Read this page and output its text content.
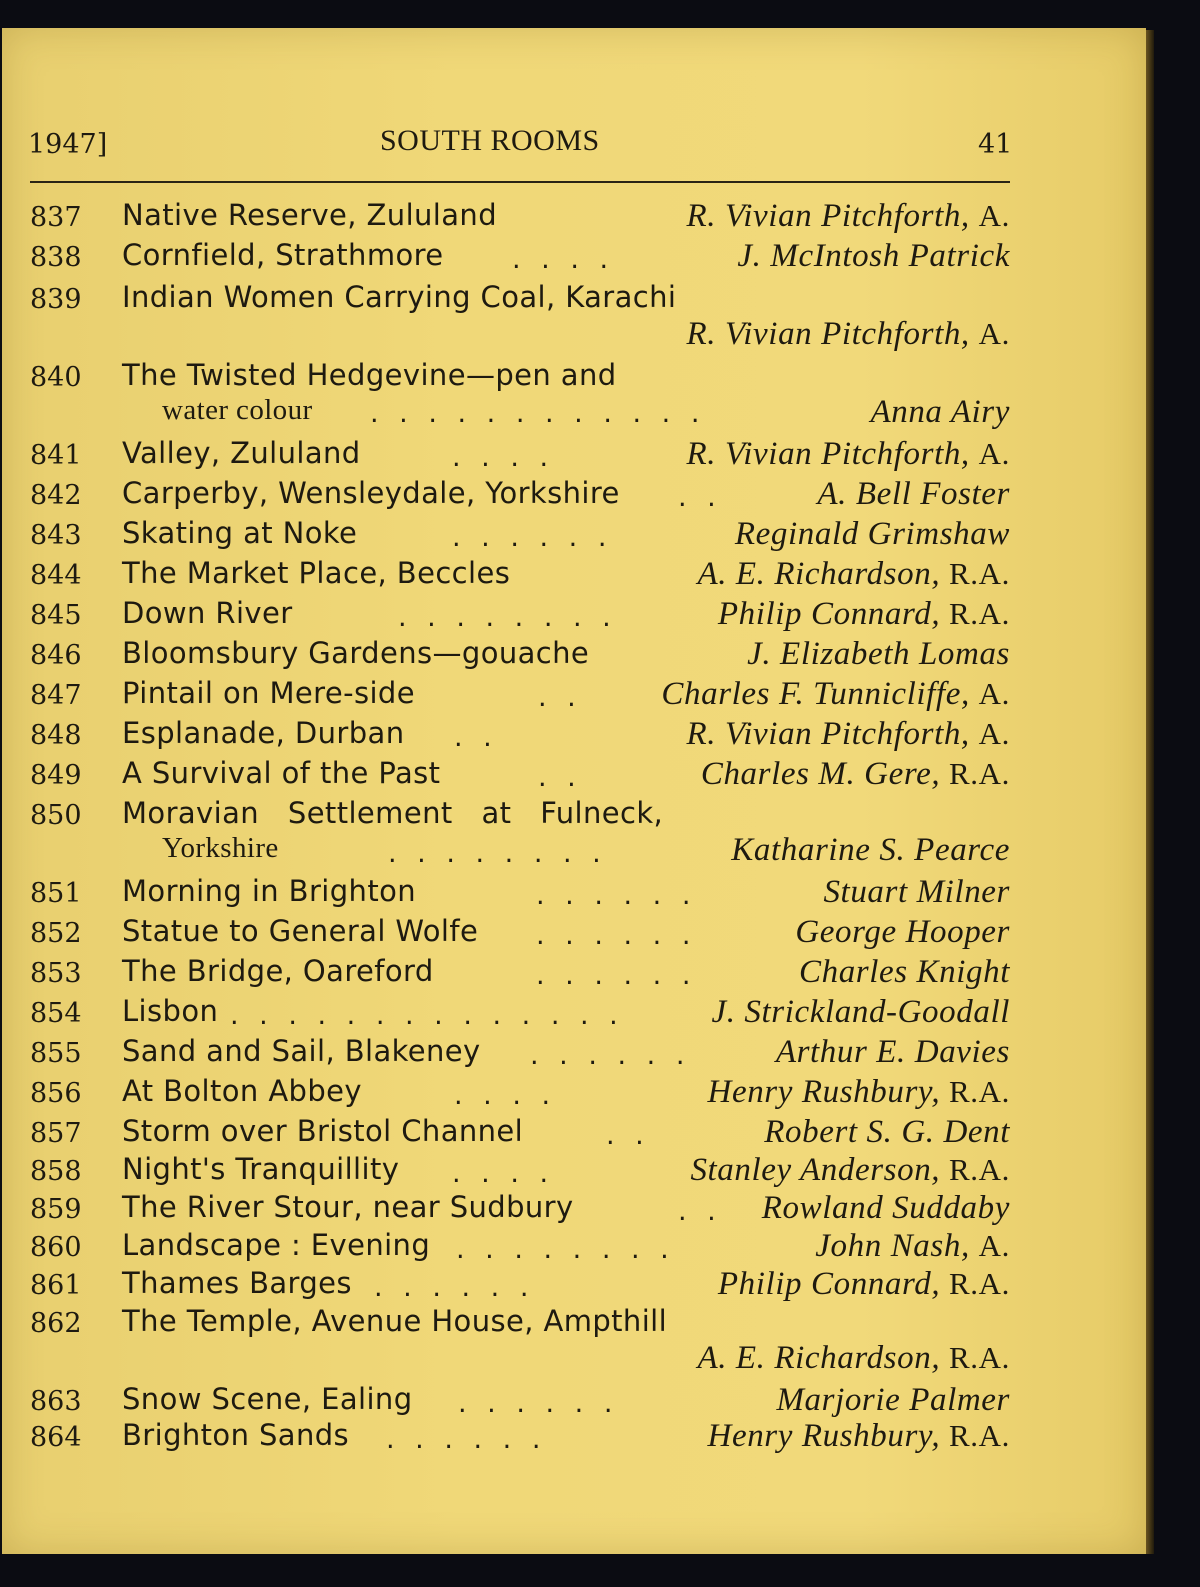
1947]	SOUTH ROOMS	41
837 Native Reserve, Zululand	R. Vivian Pitchforth, A.
838 Cornfield, Strathmore	. . . .	J. McIntosh Patrick
839 Indian Women Carrying Coal, Karachi
R. Vivian Pitchforth, A.
840 The Twisted Hedgevine—pen and
water colour . . . . . . . . . . . .	Anna Airy
841 Valley, Zululand	. . . .	R. Vivian Pitchforth, A.
842 Carperby, Wensleydale, Yorkshire . .	A. Bell Foster
843 Skating at Noke	. . . . . .	Reginald Grimshaw
844 The Market Place, Beccles	A. E. Richardson, R.A.
845 Down River	. . . . . . . .	Philip Connard, R.A.
846 Bloomsbury Gardens—gouache	J. Elizabeth Lomas
847 Pintail on Mere-side	. . Charles F. Tunnicliffe, A.
848 Esplanade, Durban . .	R. Vivian Pitchforth, A.
849 A Survival of the Past	. .	Charles M. Gere, R.A.
850 Moravian   Settlement   at   Fulneck,
Yorkshire	. . . . . . . .	Katharine S. Pearce
851 Morning in Brighton	. . . . . .	Stuart Milner
852 Statue to General Wolfe . . . . . .	George Hooper
853 The Bridge, Oareford	. . . . . .	Charles Knight
854 Lisbon . . . . . . . . . . . . . .	J. Strickland-Goodall
855 Sand and Sail, Blakeney . . . . . .	Arthur E. Davies
856 At Bolton Abbey	. . . .	Henry Rushbury, R.A.
857 Storm over Bristol Channel	. .	Robert S. G. Dent
858 Night's Tranquillity . . . .	Stanley Anderson, R.A.
859 The River Stour, near Sudbury	. . Rowland Suddaby
860 Landscape : Evening . . . . . . . .	John Nash, A.
861 Thames Barges . . . . . .	Philip Connard, R.A.
862 The Temple, Avenue House, Ampthill
A. E. Richardson, R.A.
863 Snow Scene, Ealing . . . . . .	Marjorie Palmer
864 Brighton Sands . . . . . .	Henry Rushbury, R.A.
